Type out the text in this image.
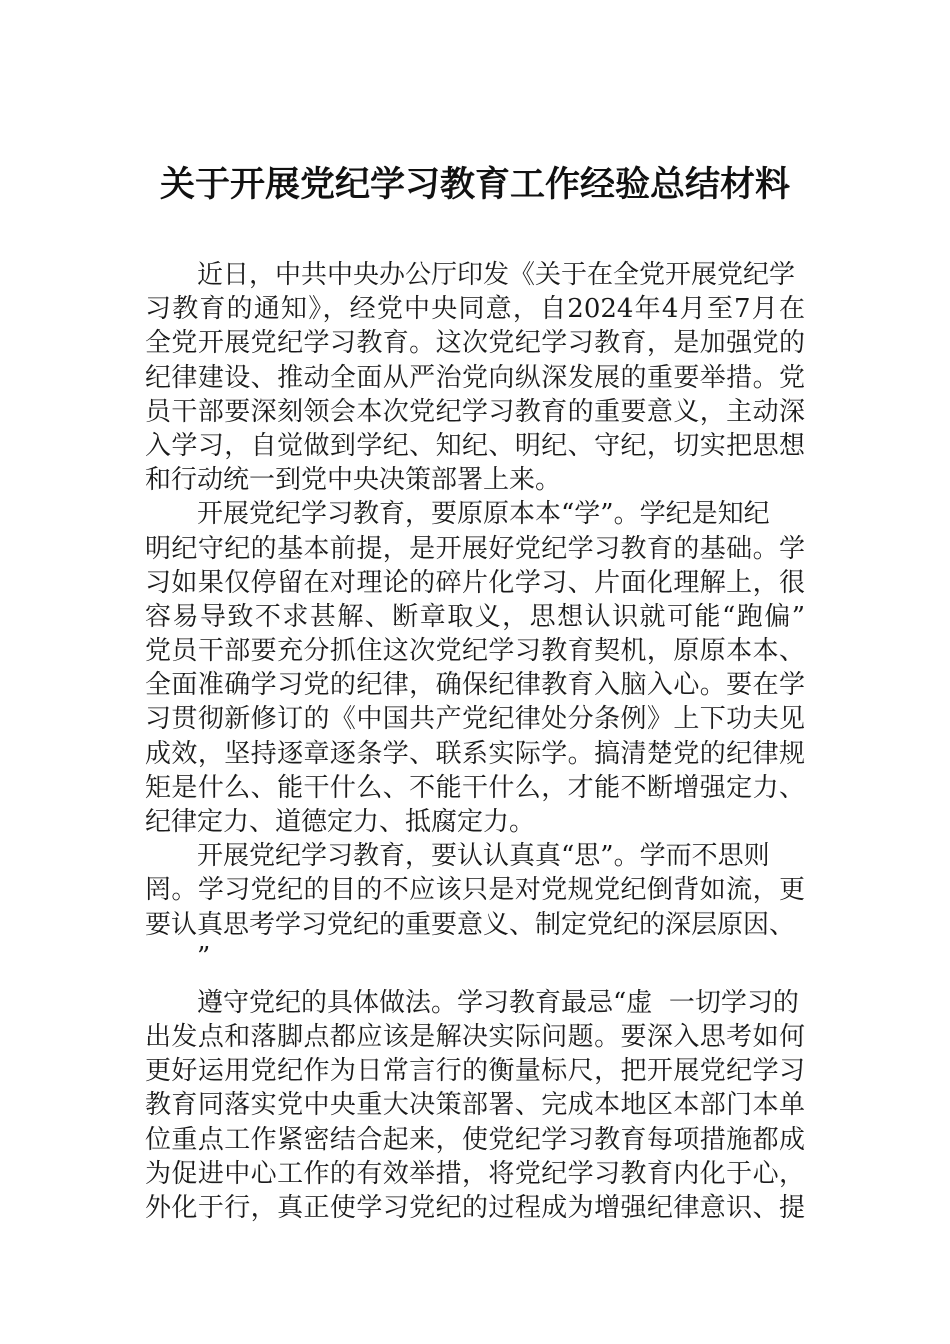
关于开展党纪学习教育工作经验总结材料
近日，中共中央办公厅印发《关于在全党开展党纪学
习教育的通知》，经党中央同意，自2024年4月至7月在
全党开展党纪学习教育。这次党纪学习教育，是加强党的
纪律建设、推动全面从严治党向纵深发展的重要举措。党
员干部要深刻领会本次党纪学习教育的重要意义，主动深
入学习，自觉做到学纪、知纪、明纪、守纪，切实把思想
和行动统一到党中央决策部署上来。
开展党纪学习教育，要原原本本“学”。学纪是知纪
明纪守纪的基本前提，是开展好党纪学习教育的基础。学
习如果仅停留在对理论的碎片化学习、片面化理解上，很
容易导致不求甚解、断章取义，思想认识就可能“跑偏”
党员干部要充分抓住这次党纪学习教育契机，原原本本、
全面准确学习党的纪律，确保纪律教育入脑入心。要在学
习贯彻新修订的《中国共产党纪律处分条例》上下功夫见
成效，坚持逐章逐条学、联系实际学。搞清楚党的纪律规
矩是什么、能干什么、不能干什么，才能不断增强定力、
纪律定力、道德定力、抵腐定力。
开展党纪学习教育，要认认真真“思”。学而不思则
罔。学习党纪的目的不应该只是对党规党纪倒背如流，更
要认真思考学习党纪的重要意义、制定党纪的深层原因、
”
遵守党纪的具体做法。学习教育最忌“虚  一切学习的
出发点和落脚点都应该是解决实际问题。要深入思考如何
更好运用党纪作为日常言行的衡量标尺，把开展党纪学习
教育同落实党中央重大决策部署、完成本地区本部门本单
位重点工作紧密结合起来，使党纪学习教育每项措施都成
为促进中心工作的有效举措，将党纪学习教育内化于心，
外化于行，真正使学习党纪的过程成为增强纪律意识、提
